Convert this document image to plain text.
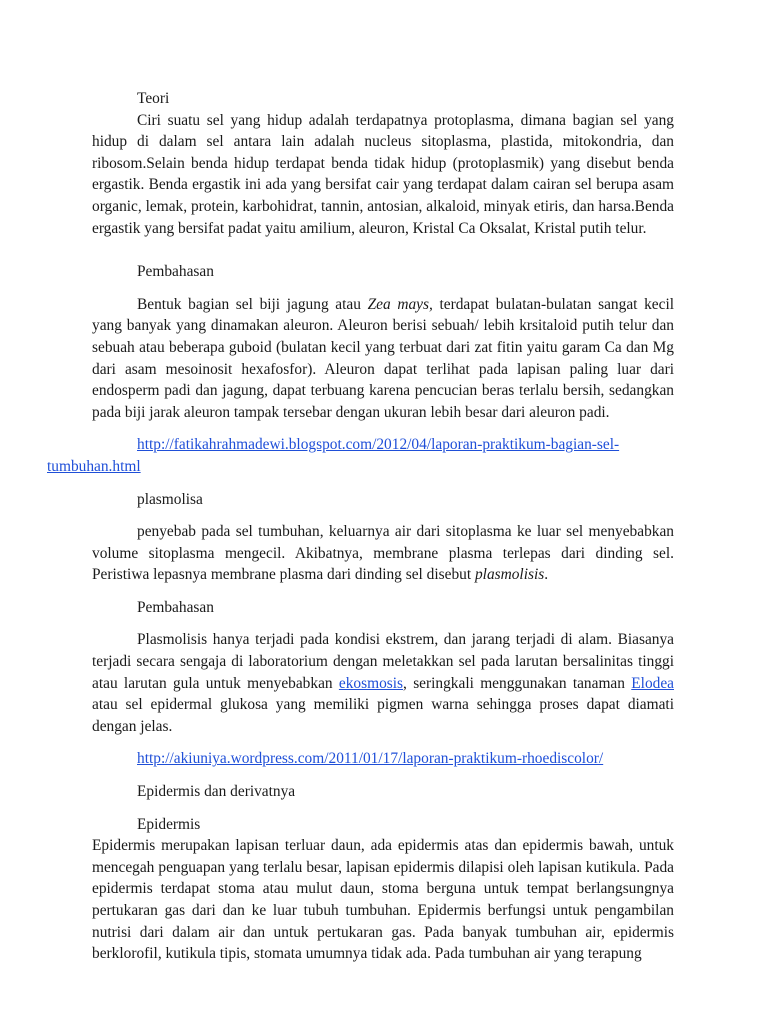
Teori

Ciri suatu sel yang hidup adalah terdapatnya protoplasma, dimana bagian sel yang hidup di dalam sel antara lain adalah nucleus sitoplasma, plastida, mitokondria, dan ribosom.Selain benda hidup terdapat benda tidak hidup (protoplasmik) yang disebut benda ergastik. Benda ergastik ini ada yang bersifat cair yang terdapat dalam cairan sel berupa asam organic, lemak, protein, karbohidrat, tannin, antosian, alkaloid, minyak etiris, dan harsa.Benda ergastik yang bersifat padat yaitu amilium, aleuron, Kristal Ca Oksalat, Kristal putih telur.

Pembahasan

Bentuk bagian sel biji jagung atau Zea mays, terdapat bulatan-bulatan sangat kecil yang banyak yang dinamakan aleuron. Aleuron berisi sebuah/ lebih krsitaloid putih telur dan sebuah atau beberapa guboid (bulatan kecil yang terbuat dari zat fitin yaitu garam Ca dan Mg dari asam mesoinosit hexafosfor). Aleuron dapat terlihat pada lapisan paling luar dari endosperm padi dan jagung, dapat terbuang karena pencucian beras terlalu bersih, sedangkan pada biji jarak aleuron tampak tersebar dengan ukuran lebih besar dari aleuron padi.

http://fatikahrahmadewi.blogspot.com/2012/04/laporan-praktikum-bagian-sel-
tumbuhan.html

plasmolisa

penyebab pada sel tumbuhan, keluarnya air dari sitoplasma ke luar sel menyebabkan volume sitoplasma mengecil. Akibatnya, membrane plasma terlepas dari dinding sel. Peristiwa lepasnya membrane plasma dari dinding sel disebut plasmolisis.

Pembahasan

Plasmolisis hanya terjadi pada kondisi ekstrem, dan jarang terjadi di alam. Biasanya terjadi secara sengaja di laboratorium dengan meletakkan sel pada larutan bersalinitas tinggi atau larutan gula untuk menyebabkan ekosmosis, seringkali menggunakan tanaman Elodea atau sel epidermal glukosa yang memiliki pigmen warna sehingga proses dapat diamati dengan jelas.

http://akiuniya.wordpress.com/2011/01/17/laporan-praktikum-rhoediscolor/

Epidermis dan derivatnya

Epidermis

Epidermis merupakan lapisan terluar daun, ada epidermis atas dan epidermis bawah, untuk mencegah penguapan yang terlalu besar, lapisan epidermis dilapisi oleh lapisan kutikula. Pada epidermis terdapat stoma atau mulut daun, stoma berguna untuk tempat berlangsungnya pertukaran gas dari dan ke luar tubuh tumbuhan. Epidermis berfungsi untuk pengambilan nutrisi dari dalam air dan untuk pertukaran gas. Pada banyak tumbuhan air, epidermis berklorofil, kutikula tipis, stomata umumnya tidak ada. Pada tumbuhan air yang terapung
